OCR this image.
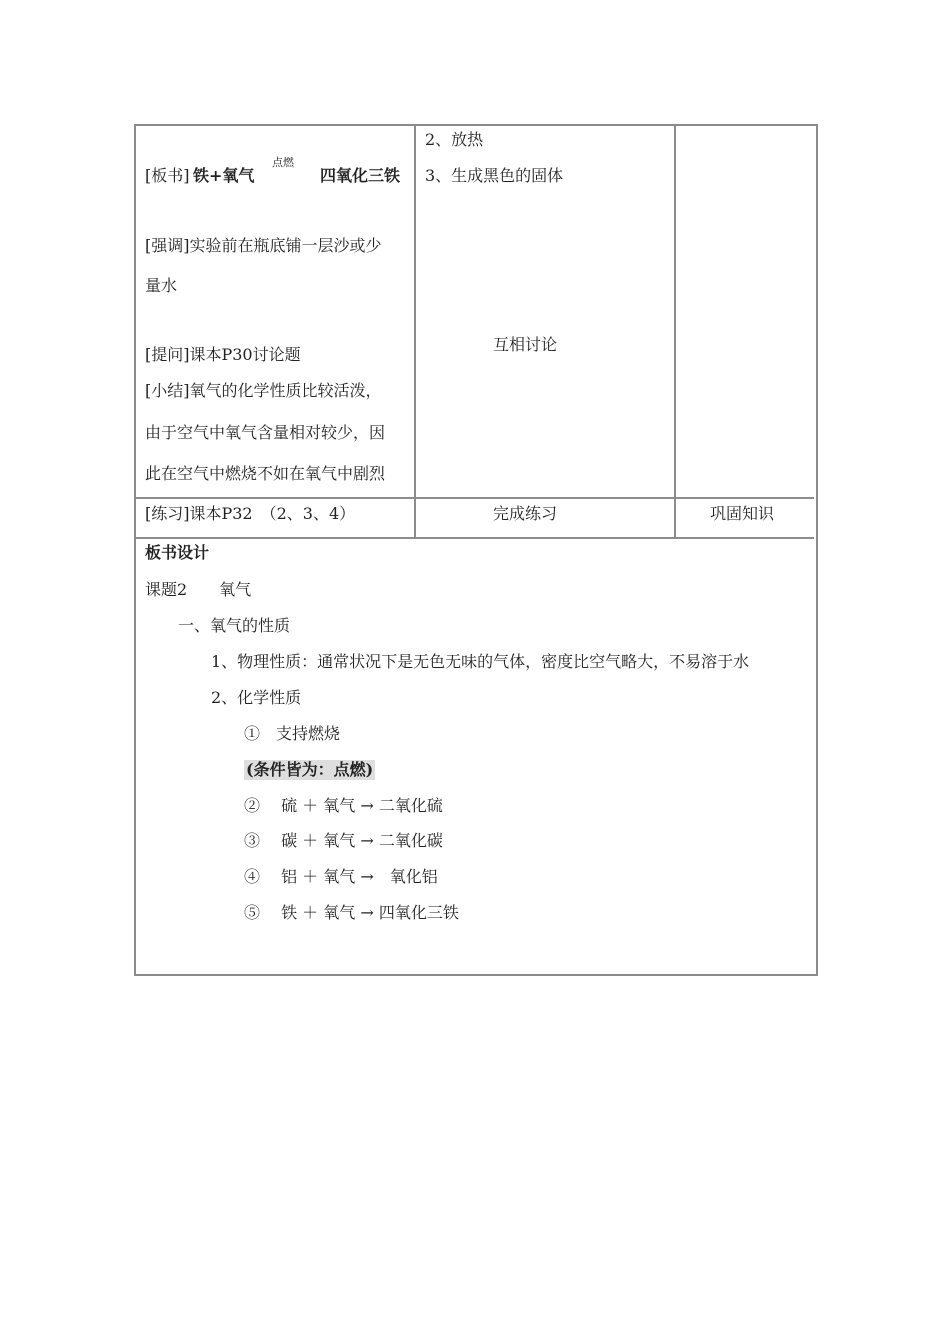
[板书] 铁+氧气
点燃
四氧化三铁
[强调]实验前在瓶底铺一层沙或少
量水
[提问]课本P30讨论题
[小结]氧气的化学性质比较活泼，
由于空气中氧气含量相对较少，因
此在空气中燃烧不如在氧气中剧烈
2、放热
3、生成黑色的固体
互相讨论
[练习]课本P32　（2、3、4）	完成练习	巩固知识
板书设计
课题2　　氧气
一、氧气的性质
1、物理性质：通常状况下是无色无味的气体，密度比空气略大，不易溶于水
2、化学性质
①　支持燃烧
(条件皆为：点燃)
②　 硫 ＋ 氧气 → 二氧化硫
③　 碳 ＋ 氧气 → 二氧化碳
④　 铝 ＋ 氧气 →　氧化铝
⑤　 铁 ＋ 氧气 → 四氧化三铁
